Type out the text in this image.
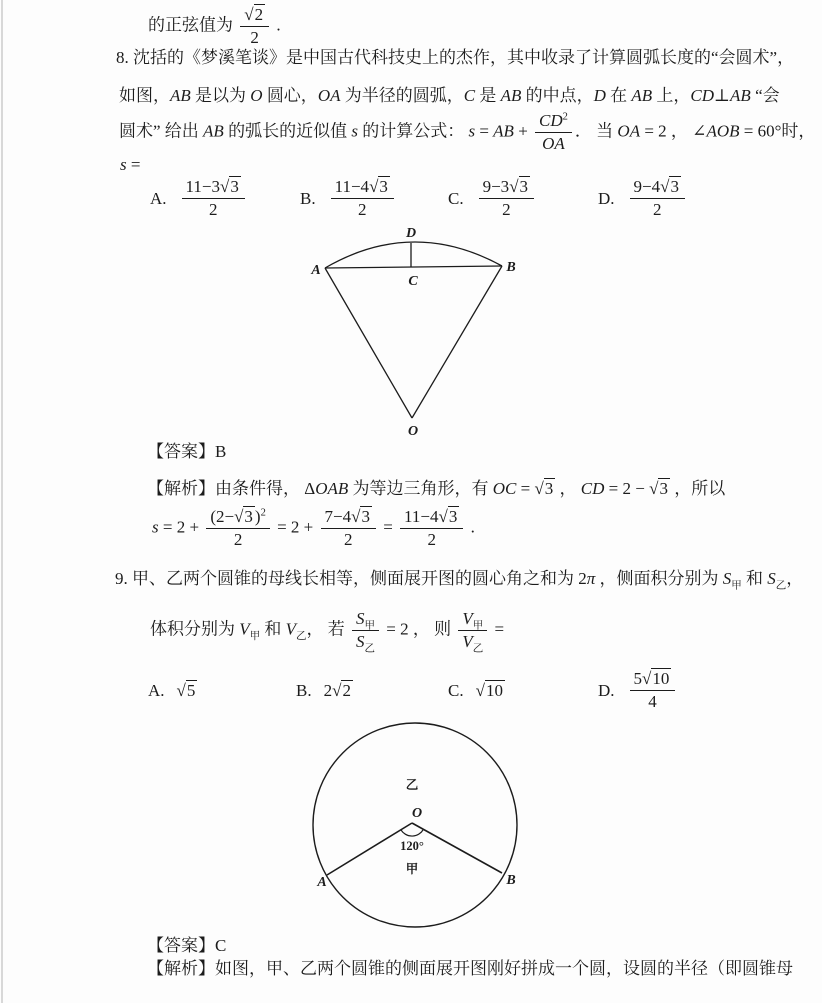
的正弦值为 $\frac{√2}{2}$ .
8. 沈括的《梦溪笔谈》是中国古代科技史上的杰作，其中收录了计算圆弧长度的“会圆术”，
如图，AB 是以为 O 圆心，OA 为半径的圆弧，C 是 AB 的中点，D 在 AB 上，CD⊥AB “会
圆术” 给出 AB 的弧长的近似值 s 的计算公式： s = AB + $\frac{CD^2}{OA}$ ． 当 OA = 2 ， ∠AOB = 60°时，
s =
A. $\frac{11-3√3}{2}$	B. $\frac{11-4√3}{2}$	C. $\frac{9-3√3}{2}$	D. $\frac{9-4√3}{2}$
D
A	B
C
O
【答案】B
【解析】由条件得， ΔOAB 为等边三角形，有 OC = √3 ， CD = 2 − √3 ，所以
$s = 2 + \frac{(2-√3 )^2}{2} = 2 + \frac{7-4√3}{2} = \frac{11-4√3}{2}$ .
9. 甲、乙两个圆锥的母线长相等，侧面展开图的圆心角之和为 2π ，侧面积分别为 $S_甲$ 和 $S_乙$，
体积分别为 $V_甲$ 和 $V_乙$， 若 $\frac{S_甲}{S_乙} = 2$ ， 则 $\frac{V_甲}{V_乙}$ =
A. √5	B. 2√2	C. √10	D. $\frac{5√10}{4}$
O
120°
甲
乙
A	B
【答案】C
【解析】如图，甲、乙两个圆锥的侧面展开图刚好拼成一个圆，设圆的半径（即圆锥母
